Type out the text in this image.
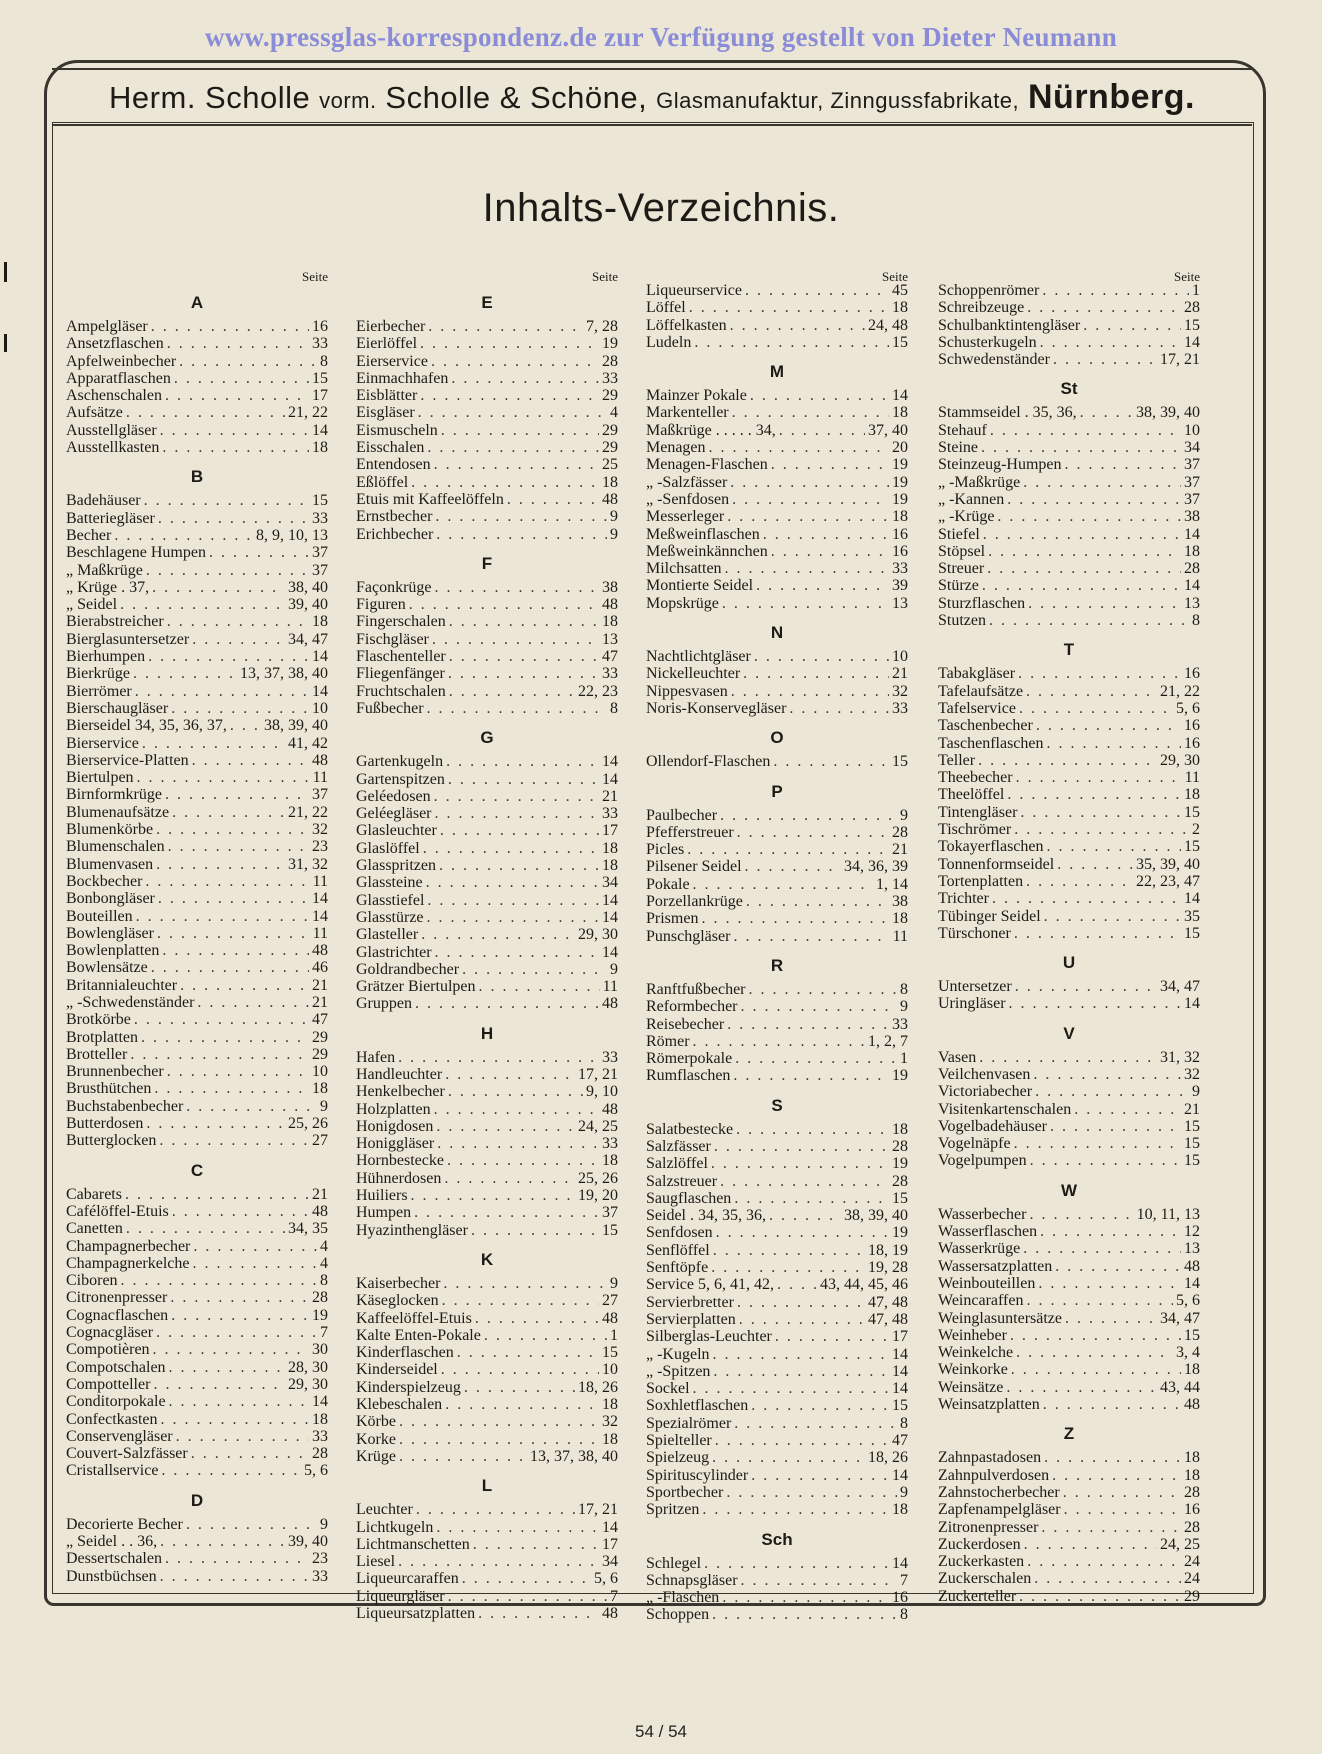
www.pressglas-korrespondenz.de zur Verfügung gestellt von Dieter Neumann
Herm. Scholle vorm. Scholle & Schöne, Glasmanufaktur, Zinngussfabrikate, Nürnberg.
Inhalts-Verzeichnis.
Seite
A
Ampelgläser . . .	16
Ansetzflaschen . . .	33
Apfelweinbecher . . .	8
Apparatflaschen . . .	15
Aschenschalen . . .	17
Aufsätze . . .	21, 22
Ausstellgläser . . .	14
Ausstellkasten . . .	18
B
Badehäuser . . .	15
Batteriegläser . . .	33
Becher . . .	8, 9, 10, 13
Beschlagene Humpen . . .	37
„ Maßkrüge . . .	37
„ Krüge . 37, . . .	38, 40
„ Seidel . . .	39, 40
Bierabstreicher . . .	18
Bierglasuntersetzer . . .	34, 47
Bierhumpen . . .	14
Bierkrüge . . .	13, 37, 38, 40
Bierrömer . . .	14
Bierschaugläser . . .	10
Bierseidel 34, 35, 36, 37, . . . 38, 39, 40
Bierservice . . .	41, 42
Bierservice-Platten . . .	48
Biertulpen . . .	11
Birnformkrüge . . .	37
Blumenaufsätze . . .	21, 22
Blumenkörbe . . .	32
Blumenschalen . . .	23
Blumenvasen . . .	31, 32
Bockbecher . . .	11
Bonbongläser . . .	14
Bouteillen . . .	14
Bowlengläser . . .	11
Bowlenplatten . . .	48
Bowlensätze . . .	46
Britannialeuchter . . .	21
„ -Schwedenständer . . .	21
Brotkörbe . . .	47
Brotplatten . . .	29
Brotteller . . .	29
Brunnenbecher . . .	10
Brusthütchen . . .	18
Buchstabenbecher . . .	9
Butterdosen . . .	25, 26
Butterglocken . . .	27
C
Cabarets . . .	21
Cafélöffel-Etuis . . .	48
Canetten . . .	34, 35
Champagnerbecher . . .	4
Champagnerkelche . . .	4
Ciboren . . .	8
Citronenpresser . . .	28
Cognacflaschen . . .	19
Cognacgläser . . .	7
Compotièren . . .	30
Compotschalen . . .	28, 30
Compotteller . . .	29, 30
Conditorpokale . . .	14
Confectkasten . . .	18
Conservengläser . . .	33
Couvert-Salzfässer . . .	28
Cristallservice . . .	5, 6
D
Decorierte Becher . . .	9
„ Seidel . . 36, . . .	39, 40
Dessertschalen . . .	23
Dunstbüchsen . . .	33
Seite
E
Eierbecher . . .	7, 28
Eierlöffel . . .	19
Eierservice . . .	28
Einmachhafen . . .	33
Eisblätter . . .	29
Eisgläser . . .	4
Eismuscheln . . .	29
Eisschalen . . .	29
Entendosen . . .	25
Eßlöffel . . .	18
Etuis mit Kaffeelöffeln . . .	48
Ernstbecher . . .	9
Erichbecher . . .	9
F
Façonkrüge . . .	38
Figuren . . .	48
Fingerschalen . . .	18
Fischgläser . . .	13
Flaschenteller . . .	47
Fliegenfänger . . .	33
Fruchtschalen . . .	22, 23
Fußbecher . . .	8
G
Gartenkugeln . . .	14
Gartenspitzen . . .	14
Geléedosen . . .	21
Geléegläser . . .	33
Glasleuchter . . .	17
Glaslöffel . . .	18
Glasspritzen . . .	18
Glassteine . . .	34
Glasstiefel . . .	14
Glasstürze . . .	14
Glasteller . . .	29, 30
Glastrichter . . .	14
Goldrandbecher . . .	9
Grätzer Biertulpen . . .	11
Gruppen . . .	48
H
Hafen . . .	33
Handleuchter . . .	17, 21
Henkelbecher . . .	9, 10
Holzplatten . . .	48
Honigdosen . . .	24, 25
Honiggläser . . .	33
Hornbestecke . . .	18
Hühnerdosen . . .	25, 26
Huiliers . . .	19, 20
Humpen . . .	37
Hyazinthengläser . . .	15
K
Kaiserbecher . . .	9
Käseglocken . . .	27
Kaffeelöffel-Etuis . . .	48
Kalte Enten-Pokale . . .	1
Kinderflaschen . . .	15
Kinderseidel . . .	10
Kinderspielzeug . . .	18, 26
Klebeschalen . . .	18
Körbe . . .	32
Korke . . .	18
Krüge . . .	13, 37, 38, 40
L
Leuchter . . .	17, 21
Lichtkugeln . . .	14
Lichtmanschetten . . .	17
Liesel . . .	34
Liqueurcaraffen . . .	5, 6
Liqueurgläser . . .	7
Liqueursatzplatten . . .	48
Seite
Liqueurservice . . .	45
Löffel . . .	18
Löffelkasten . . .	24, 48
Ludeln . . .	15
M
Mainzer Pokale . . .	14
Markenteller . . .	18
Maßkrüge . . . . . 34, . . .	37, 40
Menagen . . .	20
Menagen-Flaschen . . .	19
„ -Salzfässer . . .	19
„ -Senfdosen . . .	19
Messerleger . . .	18
Meßweinflaschen . . .	16
Meßweinkännchen . . .	16
Milchsatten . . .	33
Montierte Seidel . . .	39
Mopskrüge . . .	13
N
Nachtlichtgläser . . .	10
Nickelleuchter . . .	21
Nippesvasen . . .	32
Noris-Konservegläser . . .	33
O
Ollendorf-Flaschen . . .	15
P
Paulbecher . . .	9
Pfefferstreuer . . .	28
Picles . . .	21
Pilsener Seidel . . .	34, 36, 39
Pokale . . .	1, 14
Porzellankrüge . . .	38
Prismen . . .	18
Punschgläser . . .	11
R
Ranftfußbecher . . .	8
Reformbecher . . .	9
Reisebecher . . .	33
Römer . . .	1, 2, 7
Römerpokale . . .	1
Rumflaschen . . .	19
S
Salatbestecke . . .	18
Salzfässer . . .	28
Salzlöffel . . .	19
Salzstreuer . . .	28
Saugflaschen . . .	15
Seidel . 34, 35, 36, . . .	38, 39, 40
Senfdosen . . .	19
Senflöffel . . .	18, 19
Senftöpfe . . .	19, 28
Service 5, 6, 41, 42, . . .	43, 44, 45, 46
Servierbretter . . .	47, 48
Servierplatten . . .	47, 48
Silberglas-Leuchter . . .	17
„ -Kugeln . . .	14
„ -Spitzen . . .	14
Sockel . . .	14
Soxhletflaschen . . .	15
Spezialrömer . . .	8
Spielteller . . .	47
Spielzeug . . .	18, 26
Spirituscylinder . . .	14
Sportbecher . . .	9
Spritzen . . .	18
Sch
Schlegel . . .	14
Schnapsgläser . . .	7
„ -Flaschen . . .	16
Schoppen . . .	8
Seite
Schoppenrömer . . .	1
Schreibzeuge . . .	28
Schulbanktintengläser . . .	15
Schusterkugeln . . .	14
Schwedenständer . . .	17, 21
St
Stammseidel . 35, 36, . . .	38, 39, 40
Stehauf . . .	10
Steine . . .	34
Steinzeug-Humpen . . .	37
„ -Maßkrüge . . .	37
„ -Kannen . . .	37
„ -Krüge . . .	38
Stiefel . . .	14
Stöpsel . . .	18
Streuer . . .	28
Stürze . . .	14
Sturzflaschen . . .	13
Stutzen . . .	8
T
Tabakgläser . . .	16
Tafelaufsätze . . .	21, 22
Tafelservice . . .	5, 6
Taschenbecher . . .	16
Taschenflaschen . . .	16
Teller . . .	29, 30
Theebecher . . .	11
Theelöffel . . .	18
Tintengläser . . .	15
Tischrömer . . .	2
Tokayerflaschen . . .	15
Tonnenformseidel . . .	35, 39, 40
Tortenplatten . . .	22, 23, 47
Trichter . . .	14
Tübinger Seidel . . .	35
Türschoner . . .	15
U
Untersetzer . . .	34, 47
Uringläser . . .	14
V
Vasen . . .	31, 32
Veilchenvasen . . .	32
Victoriabecher . . .	9
Visitenkartenschalen . . .	21
Vogelbadehäuser . . .	15
Vogelnäpfe . . .	15
Vogelpumpen . . .	15
W
Wasserbecher . . .	10, 11, 13
Wasserflaschen . . .	12
Wasserkrüge . . .	13
Wassersatzplatten . . .	48
Weinbouteillen . . .	14
Weincaraffen . . .	5, 6
Weinglasuntersätze . . .	34, 47
Weinheber . . .	15
Weinkelche . . .	3, 4
Weinkorke . . .	18
Weinsätze . . .	43, 44
Weinsatzplatten . . .	48
Z
Zahnpastadosen . . .	18
Zahnpulverdosen . . .	18
Zahnstocherbecher . . .	28
Zapfenampelgläser . . .	16
Zitronenpresser . . .	28
Zuckerdosen . . .	24, 25
Zuckerkasten . . .	24
Zuckerschalen . . .	24
Zuckerteller . . .	29
54 / 54
